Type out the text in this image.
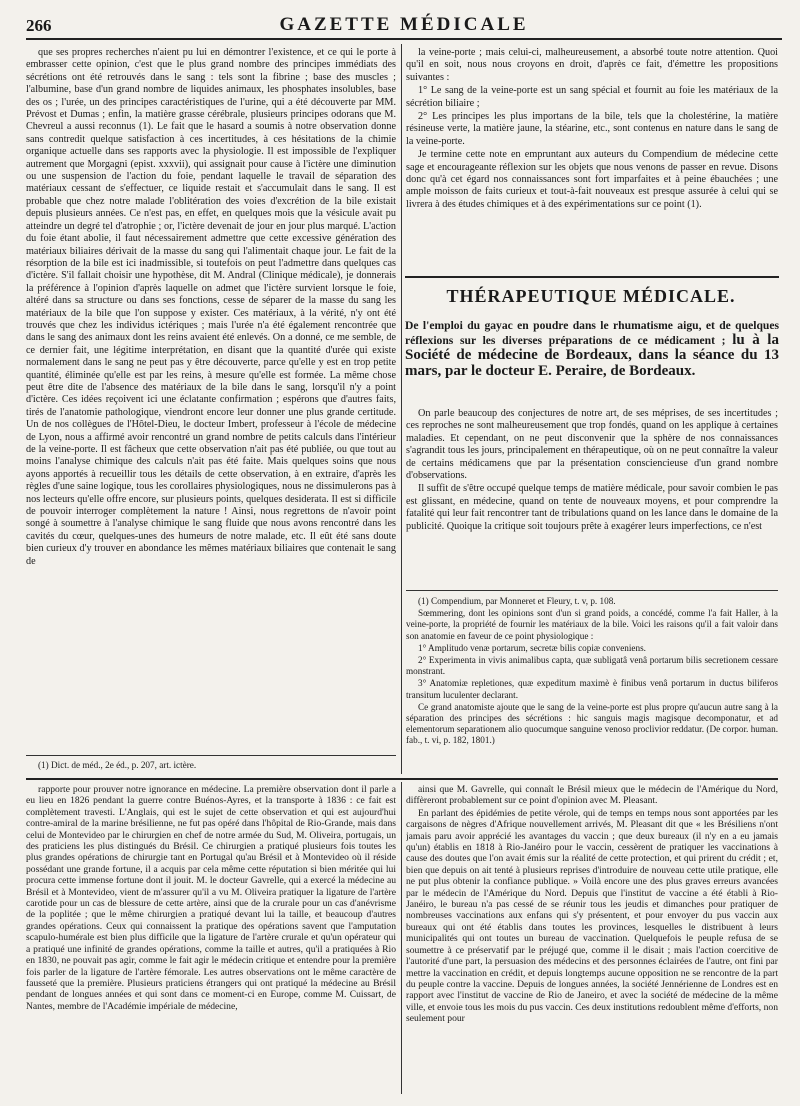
266	GAZETTE MÉDICALE

que ses propres recherches n'aient pu lui en démontrer l'existence, et ce qui le porte à embrasser cette opinion, c'est que le plus grand nombre des principes immédiats des sécrétions ont été retrouvés dans le sang : tels sont la fibrine ; base des muscles ; l'albumine, base d'un grand nombre de liquides animaux, les phosphates insolubles, base des os ; l'urée, un des principes caractéristiques de l'urine, qui a été découverte par MM. Prévost et Dumas ; enfin, la matière grasse cérébrale, plusieurs principes odorans que M. Chevreul a aussi reconnus (1). Le fait que le hasard a soumis à notre observation donne sans contredit quelque satisfaction à ces incertitudes, à ces hésitations de la chimie organique actuelle dans ses rapports avec la physiologie. Il est impossible de l'expliquer autrement que Morgagni (epist. xxxvii), qui assignait pour cause à l'ictère une diminution ou une suspension de l'action du foie, pendant laquelle le travail de séparation des matériaux cessant de s'effectuer, ce liquide restait et s'accumulait dans le sang. Il est probable que chez notre malade l'oblitération des voies d'excrétion de la bile existait depuis plusieurs années. Ce n'est pas, en effet, en quelques mois que la vésicule avait pu atteindre un degré tel d'atrophie ; or, l'ictère devenait de jour en jour plus marqué. L'action du foie étant abolie, il faut nécessairement admettre que cette excessive génération des matériaux biliaires dérivait de la masse du sang qui l'alimentait chaque jour. Le fait de la résorption de la bile est ici inadmissible, si toutefois on peut l'admettre dans quelques cas d'ictère. S'il fallait choisir une hypothèse, dit M. Andral (Clinique médicale), je donnerais la préférence à l'opinion d'après laquelle on admet que l'ictère survient lorsque le foie, altéré dans sa structure ou dans ses fonctions, cesse de séparer de la masse du sang les matériaux de la bile que l'on suppose y exister. Ces matériaux, à la vérité, n'y ont été trouvés que chez les individus ictériques ; mais l'urée n'a été également rencontrée que dans le sang des animaux dont les reins avaient été enlevés. On a donné, ce me semble, de ce dernier fait, une légitime interprétation, en disant que la quantité d'urée qui existe normalement dans le sang ne peut pas y être découverte, parce qu'elle y est en trop petite quantité, éliminée qu'elle est par les reins, à mesure qu'elle est formée. La même chose peut être dite de l'absence des matériaux de la bile dans le sang, lorsqu'il n'y a point d'ictère. Ces idées reçoivent ici une éclatante confirmation ; espérons que d'autres faits, tirés de l'anatomie pathologique, viendront encore leur donner une plus grande certitude. Un de nos collègues de l'Hôtel-Dieu, le docteur Imbert, professeur à l'école de médecine de Lyon, nous a affirmé avoir rencontré un grand nombre de petits calculs dans l'intérieur de la veine-porte. Il est fâcheux que cette observation n'ait pas été publiée, ou que tout au moins l'analyse chimique des calculs n'ait pas été faite. Mais quelques soins que nous ayons apportés à recueillir tous les détails de cette observation, à en extraire, d'après les règles d'une saine logique, tous les corollaires physiologiques, nous ne dissimulerons pas à nos lecteurs qu'elle offre encore, sur plusieurs points, quelques desiderata. Il est si difficile de pouvoir interroger complètement la nature ! Ainsi, nous regrettons de n'avoir point songé à soumettre à l'analyse chimique le sang fluide que nous avons rencontré dans les cavités du cœur, quelques-unes des humeurs de notre malade, etc. Il eût été sans doute bien curieux d'y trouver en abondance les mêmes matériaux biliaires que contenait le sang de

(1) Dict. de méd., 2e éd., p. 207, art. ictère.

la veine-porte ; mais celui-ci, malheureusement, a absorbé toute notre attention. Quoi qu'il en soit, nous nous croyons en droit, d'après ce fait, d'émettre les propositions suivantes :

1° Le sang de la veine-porte est un sang spécial et fournit au foie les matériaux de la sécrétion biliaire ;

2° Les principes les plus importans de la bile, tels que la cholestérine, la matière résineuse verte, la matière jaune, la stéarine, etc., sont contenus en nature dans le sang de la veine-porte.

Je termine cette note en empruntant aux auteurs du Compendium de médecine cette sage et encourageante réflexion sur les objets que nous venons de passer en revue. Disons donc qu'à cet égard nos connaissances sont fort imparfaites et à peine ébauchées ; une ample moisson de faits curieux et tout-à-fait nouveaux est presque assurée à celui qui se livrera à des études chimiques et à des expérimentations sur ce point (1).

THÉRAPEUTIQUE MÉDICALE.
De l'emploi du gayac en poudre dans le rhumatisme aigu, et de quelques réflexions sur les diverses préparations de ce médicament ; lu à la Société de médecine de Bordeaux, dans la séance du 13 mars, par le docteur E. Peraire, de Bordeaux.

On parle beaucoup des conjectures de notre art, de ses méprises, de ses incertitudes ; ces reproches ne sont malheureusement que trop fondés, quand on les applique à certaines maladies. Et cependant, on ne peut disconvenir que la sphère de nos connaissances s'agrandit tous les jours, principalement en thérapeutique, où on ne peut connaître la valeur de certains médicamens que par la présentation consciencieuse d'un grand nombre d'observations.

Il suffit de s'être occupé quelque temps de matière médicale, pour savoir combien le pas est glissant, en médecine, quand on tente de nouveaux moyens, et pour comprendre la fatalité qui leur fait rencontrer tant de tribulations quand on les lance dans le domaine de la publicité. Quoique la critique soit toujours prête à exagérer leurs imperfections, ce n'est

(1) Compendium, par Monneret et Fleury, t. v, p. 108.

Sœmmering, dont les opinions sont d'un si grand poids, a concédé, comme l'a fait Haller, à la veine-porte, la propriété de fournir les matériaux de la bile. Voici les raisons qu'il a fait valoir dans son anatomie en faveur de ce point physiologique :

1° Amplitudo venæ portarum, secretæ bilis copiæ conveniens.

2° Experimenta in vivis animalibus capta, quæ subligatâ venâ portarum bilis secretionem cessare monstrant.

3° Anatomiæ repletiones, quæ expeditum maximè è finibus venâ portarum in ductus biliferos transitum luculenter declarant.

Ce grand anatomiste ajoute que le sang de la veine-porte est plus propre qu'aucun autre sang à la séparation des principes des sécrétions : hic sanguis magis magisque decomponatur, et ad elementorum separationem alio quocumque sanguine venoso proclivior reddatur. (De corpor. human. fab., t. vi, p. 182, 1801.)

rapporte pour prouver notre ignorance en médecine. La première observation dont il parle a eu lieu en 1826 pendant la guerre contre Buénos-Ayres, et la transporte à 1836 : ce fait est complètement travesti. L'Anglais, qui est le sujet de cette observation et qui est aujourd'hui contre-amiral de la marine brésilienne, ne fut pas opéré dans l'hôpital de Rio-Grande, mais dans celui de Montevideo par le chirurgien en chef de notre armée du Sud, M. Oliveira, portugais, un des praticiens les plus distingués du Brésil. Ce chirurgien a pratiqué plusieurs fois toutes les plus grandes opérations de chirurgie tant en Portugal qu'au Brésil et à Montevideo où il réside possédant une grande fortune, il a acquis par cela même cette réputation si bien méritée qui lui procura cette immense fortune dont il jouit. M. le docteur Gavrelle, qui a exercé la médecine au Brésil et à Montevideo, vient de m'assurer qu'il a vu M. Oliveira pratiquer la ligature de l'artère carotide pour un cas de blessure de cette artère, ainsi que de la crurale pour un cas d'anévrisme de la poplitée ; que le même chirurgien a pratiqué devant lui la taille, et beaucoup d'autres grandes opérations. Ceux qui connaissent la pratique des opérations savent que l'amputation scapulo-humérale est bien plus difficile que la ligature de l'artère crurale et qu'un opérateur qui a pratiqué une infinité de grandes opérations, comme la taille et autres, qu'il a pratiquées à Rio en 1830, ne pouvait pas agir, comme le fait agir le médecin critique et entendre pour la première fois parler de la ligature de l'artère fémorale. Les autres observations ont le même caractère de fausseté que la première. Plusieurs praticiens étrangers qui ont pratiqué la médecine au Brésil pendant de longues années et qui sont dans ce moment-ci en Europe, comme M. Cuissart, de Nantes, membre de l'Académie impériale de médecine,

ainsi que M. Gavrelle, qui connaît le Brésil mieux que le médecin de l'Amérique du Nord, diffèreront probablement sur ce point d'opinion avec M. Pleasant.

En parlant des épidémies de petite vérole, qui de temps en temps nous sont apportées par les cargaisons de nègres d'Afrique nouvellement arrivés, M. Pleasant dit que « les Brésiliens n'ont jamais paru avoir apprécié les avantages du vaccin ; que deux bureaux (il n'y en a eu jamais qu'un) établis en 1818 à Rio-Janéiro pour le vaccin, cessèrent de pratiquer les vaccinations à cause des doutes que l'on avait émis sur la réalité de cette protection, et qui prirent du crédit ; et, bien que depuis on ait tenté à plusieurs reprises d'introduire de nouveau cette utile pratique, elle ne put plus obtenir la confiance publique. » Voilà encore une des plus graves erreurs avancées par le médecin de l'Amérique du Nord. Depuis que l'institut de vaccine a été établi à Rio-Janéiro, le bureau n'a pas cessé de se réunir tous les jeudis et dimanches pour pratiquer de nombreuses vaccinations aux enfans qui s'y présentent, et pour envoyer du pus vaccin aux bureaux qui ont été établis dans toutes les provinces, lesquelles le distribuent à leurs municipalités qui ont toutes un bureau de vaccination. Quelquefois le peuple refusa de se soumettre à ce préservatif par le préjugé que, comme il le disait ; mais l'action coercitive de l'autorité d'une part, la persuasion des médecins et des personnes éclairées de l'autre, ont fini par mettre la vaccination en crédit, et depuis longtemps aucune opposition ne se rencontre de la part du peuple contre la vaccine. Depuis de longues années, la société Jennérienne de Londres est en rapport avec l'institut de vaccine de Rio de Janeiro, et avec la société de médecine de la même ville, et envoie tous les mois du pus vaccin. Ces deux institutions redoublent même d'efforts, non seulement pour
